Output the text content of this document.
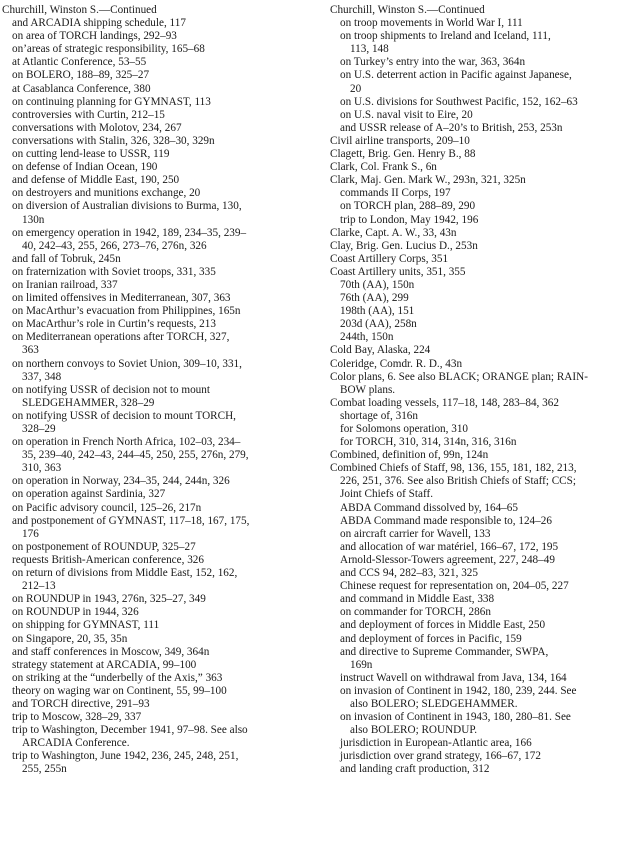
Churchill, Winston S.—Continued

and ARCADIA shipping schedule, 117

on area of TORCH landings, 292–93

on’areas of strategic responsibility, 165–68

at Atlantic Conference, 53–55

on BOLERO, 188–89, 325–27

at Casablanca Conference, 380

on continuing planning for GYMNAST, 113

controversies with Curtin, 212–15

conversations with Molotov, 234, 267

conversations with Stalin, 326, 328–30, 329n

on cutting lend-lease to USSR, 119

on defense of Indian Ocean, 190

and defense of Middle East, 190, 250

on destroyers and munitions exchange, 20

on diversion of Australian divisions to Burma, 130,
130n

on emergency operation in 1942, 189, 234–35, 239–
40, 242–43, 255, 266, 273–76, 276n, 326

and fall of Tobruk, 245n

on fraternization with Soviet troops, 331, 335

on Iranian railroad, 337

on limited offensives in Mediterranean, 307, 363

on MacArthur’s evacuation from Philippines, 165n

on MacArthur’s role in Curtin’s requests, 213

on Mediterranean operations after TORCH, 327,
363

on northern convoys to Soviet Union, 309–10, 331,
337, 348

on notifying USSR of decision not to mount
SLEDGEHAMMER, 328–29

on notifying USSR of decision to mount TORCH,
328–29

on operation in French North Africa, 102–03, 234–
35, 239–40, 242–43, 244–45, 250, 255, 276n, 279,
310, 363

on operation in Norway, 234–35, 244, 244n, 326

on operation against Sardinia, 327

on Pacific advisory council, 125–26, 217n

and postponement of GYMNAST, 117–18, 167, 175,
176

on postponement of ROUNDUP, 325–27

requests British-American conference, 326

on return of divisions from Middle East, 152, 162,
212–13

on ROUNDUP in 1943, 276n, 325–27, 349

on ROUNDUP in 1944, 326

on shipping for GYMNAST, 111

on Singapore, 20, 35, 35n

and staff conferences in Moscow, 349, 364n

strategy statement at ARCADIA, 99–100

on striking at the “underbelly of the Axis,” 363

theory on waging war on Continent, 55, 99–100

and TORCH directive, 291–93

trip to Moscow, 328–29, 337

trip to Washington, December 1941, 97–98. See also
ARCADIA Conference.

trip to Washington, June 1942, 236, 245, 248, 251,
255, 255n

Churchill, Winston S.—Continued

on troop movements in World War I, 111

on troop shipments to Ireland and Iceland, 111,
113, 148

on Turkey’s entry into the war, 363, 364n

on U.S. deterrent action in Pacific against Japanese,
20

on U.S. divisions for Southwest Pacific, 152, 162–63

on U.S. naval visit to Eire, 20

and USSR release of A–20’s to British, 253, 253n

Civil airline transports, 209–10

Clagett, Brig. Gen. Henry B., 88

Clark, Col. Frank S., 6n

Clark, Maj. Gen. Mark W., 293n, 321, 325n

commands II Corps, 197

on TORCH plan, 288–89, 290

trip to London, May 1942, 196

Clarke, Capt. A. W., 33, 43n

Clay, Brig. Gen. Lucius D., 253n

Coast Artillery Corps, 351

Coast Artillery units, 351, 355

70th (AA), 150n

76th (AA), 299

198th (AA), 151

203d (AA), 258n

244th, 150n

Cold Bay, Alaska, 224

Coleridge, Comdr. R. D., 43n

Color plans, 6. See also BLACK; ORANGE plan; RAIN-
BOW plans.

Combat loading vessels, 117–18, 148, 283–84, 362

shortage of, 316n

for Solomons operation, 310

for TORCH, 310, 314, 314n, 316, 316n

Combined, definition of, 99n, 124n

Combined Chiefs of Staff, 98, 136, 155, 181, 182, 213,
226, 251, 376. See also British Chiefs of Staff; CCS;
Joint Chiefs of Staff.

ABDA Command dissolved by, 164–65

ABDA Command made responsible to, 124–26

on aircraft carrier for Wavell, 133

and allocation of war matériel, 166–67, 172, 195

Arnold-Slessor-Towers agreement, 227, 248–49

and CCS 94, 282–83, 321, 325

Chinese request for representation on, 204–05, 227

and command in Middle East, 338

on commander for TORCH, 286n

and deployment of forces in Middle East, 250

and deployment of forces in Pacific, 159

and directive to Supreme Commander, SWPA,
169n

instruct Wavell on withdrawal from Java, 134, 164

on invasion of Continent in 1942, 180, 239, 244. See
also BOLERO; SLEDGEHAMMER.

on invasion of Continent in 1943, 180, 280–81. See
also BOLERO; ROUNDUP.

jurisdiction in European-Atlantic area, 166

jurisdiction over grand strategy, 166–67, 172

and landing craft production, 312
